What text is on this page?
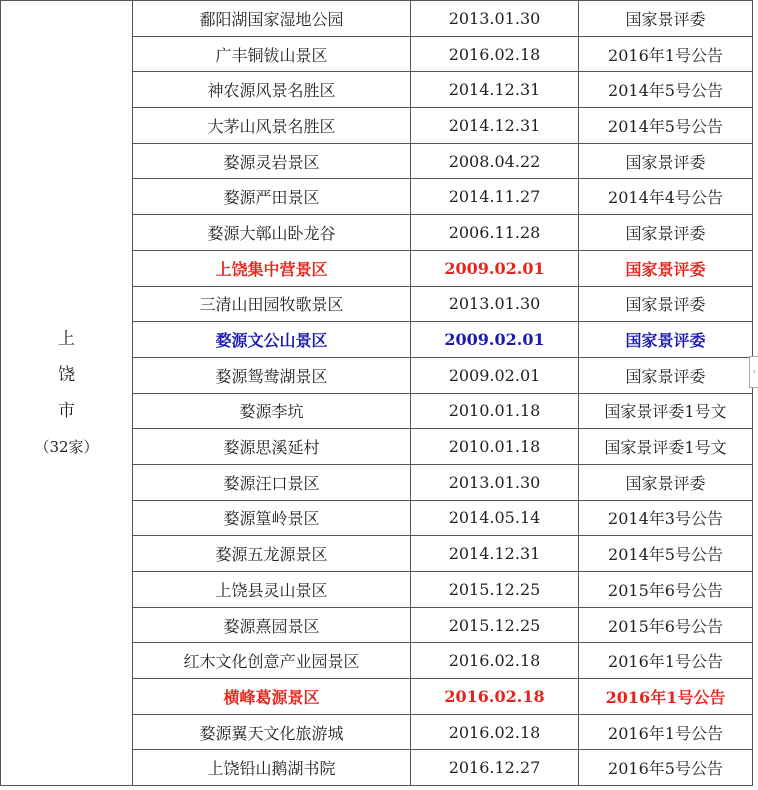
上
饶
市
（32家）	鄱阳湖国家湿地公园	2013.01.30	国家景评委
	广丰铜钹山景区	2016.02.18	2016年1号公告
	神农源风景名胜区	2014.12.31	2014年5号公告
	大茅山风景名胜区	2014.12.31	2014年5号公告
	婺源灵岩景区	2008.04.22	国家景评委
	婺源严田景区	2014.11.27	2014年4号公告
	婺源大鄣山卧龙谷	2006.11.28	国家景评委
	上饶集中营景区	2009.02.01	国家景评委
	三清山田园牧歌景区	2013.01.30	国家景评委
	婺源文公山景区	2009.02.01	国家景评委
	婺源鸳鸯湖景区	2009.02.01	国家景评委
	婺源李坑	2010.01.18	国家景评委1号文
	婺源思溪延村	2010.01.18	国家景评委1号文
	婺源汪口景区	2013.01.30	国家景评委
	婺源篁岭景区	2014.05.14	2014年3号公告
	婺源五龙源景区	2014.12.31	2014年5号公告
	上饶县灵山景区	2015.12.25	2015年6号公告
	婺源熹园景区	2015.12.25	2015年6号公告
	红木文化创意产业园景区	2016.02.18	2016年1号公告
	横峰葛源景区	2016.02.18	2016年1号公告
	婺源翼天文化旅游城	2016.02.18	2016年1号公告
	上饶铅山鹅湖书院	2016.12.27	2016年5号公告
‹
